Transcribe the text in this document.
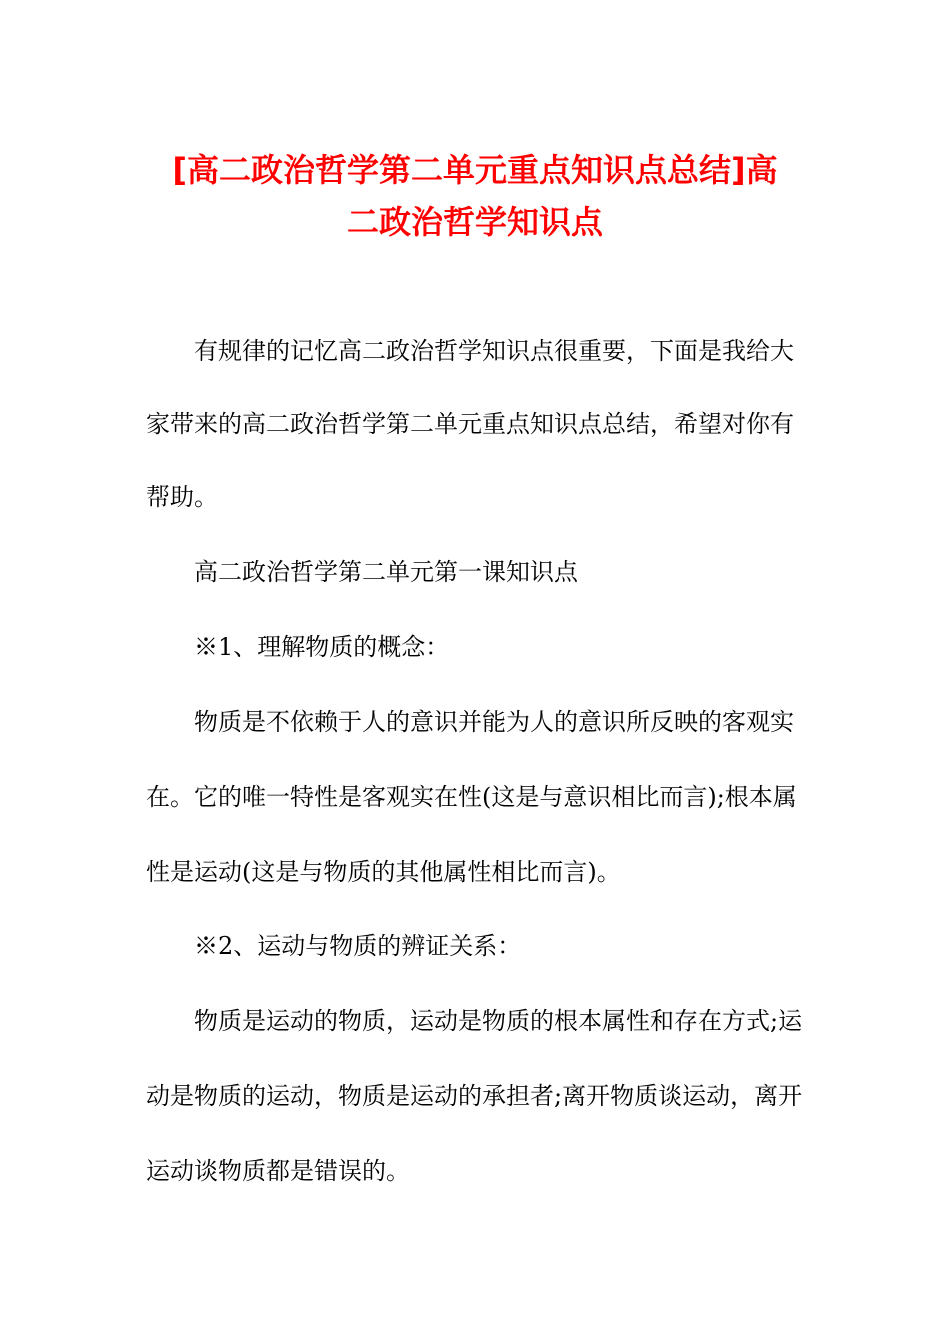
[高二政治哲学第二单元重点知识点总结]高
二政治哲学知识点
有规律的记忆高二政治哲学知识点很重要，下面是我给大
家带来的高二政治哲学第二单元重点知识点总结，希望对你有
帮助。
高二政治哲学第二单元第一课知识点
※1、理解物质的概念：
物质是不依赖于人的意识并能为人的意识所反映的客观实
在。它的唯一特性是客观实在性(这是与意识相比而言);根本属
性是运动(这是与物质的其他属性相比而言)。
※2、运动与物质的辨证关系：
物质是运动的物质，运动是物质的根本属性和存在方式;运
动是物质的运动，物质是运动的承担者;离开物质谈运动，离开
运动谈物质都是错误的。
